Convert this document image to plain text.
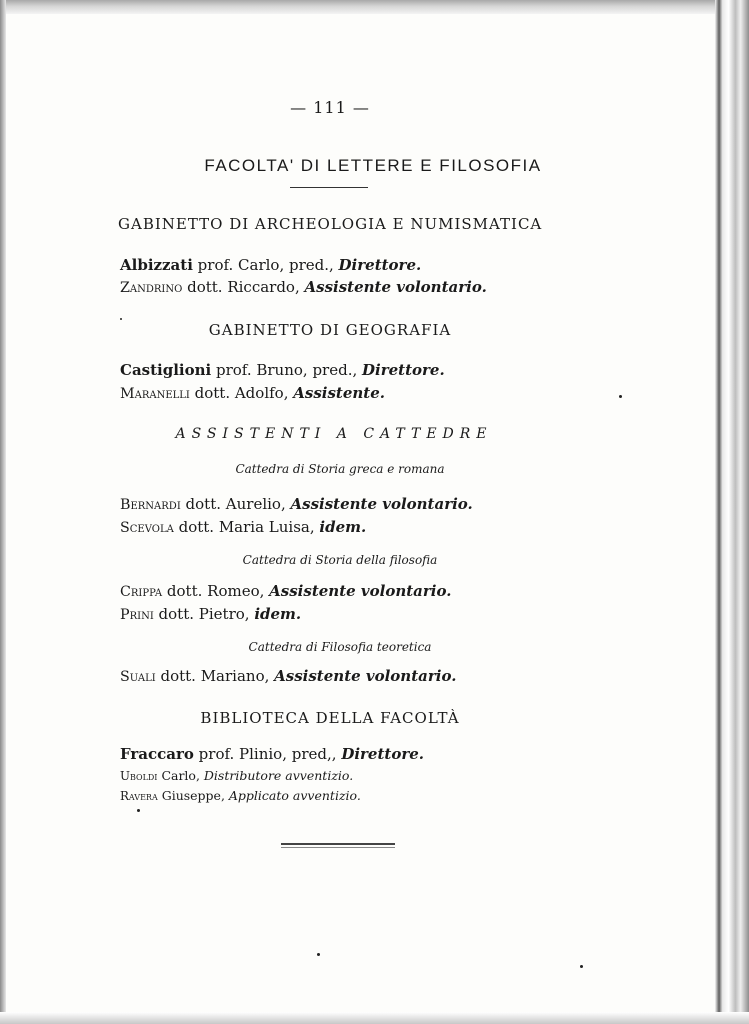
— 111 —
FACOLTA' DI LETTERE E FILOSOFIA
GABINETTO DI ARCHEOLOGIA E NUMISMATICA
Albizzati prof. Carlo, pred., Direttore.
Zandrino dott. Riccardo, Assistente volontario.
GABINETTO DI GEOGRAFIA
Castiglioni prof. Bruno, pred., Direttore.
Maranelli dott. Adolfo, Assistente.
ASSISTENTI A CATTEDRE
Cattedra di Storia greca e romana
Bernardi dott. Aurelio, Assistente volontario.
Scevola dott. Maria Luisa, idem.
Cattedra di Storia della filosofia
Crippa dott. Romeo, Assistente volontario.
Prini dott. Pietro, idem.
Cattedra di Filosofia teoretica
Suali dott. Mariano, Assistente volontario.
BIBLIOTECA DELLA FACOLTÀ
Fraccaro prof. Plinio, pred,, Direttore.
Uboldi Carlo, Distributore avventizio.
Ravera Giuseppe, Applicato avventizio.
